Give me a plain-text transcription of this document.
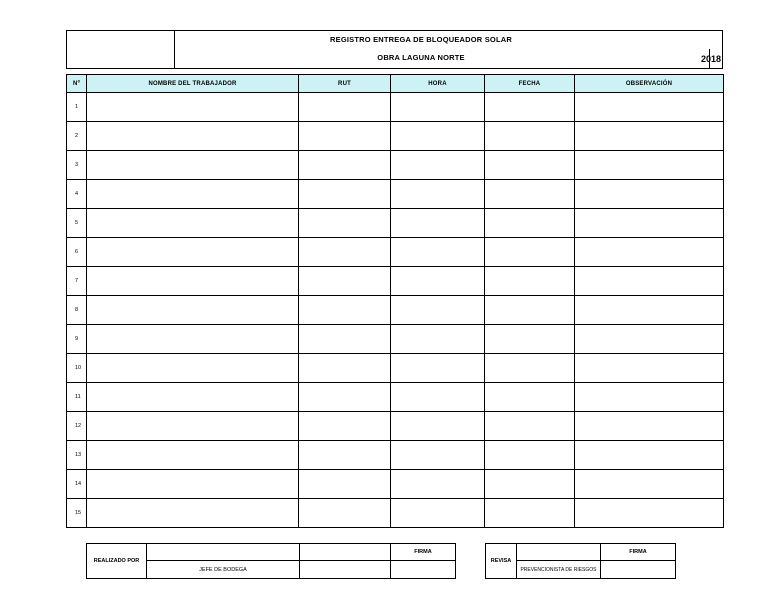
REGISTRO ENTREGA DE BLOQUEADOR SOLAR
OBRA LAGUNA NORTE	2018
Nº	NOMBRE DEL TRABAJADOR	RUT	HORA	FECHA	OBSERVACIÓN
1					
2					
3					
4					
5					
6					
7					
8					
9					
10					
11					
12					
13					
14					
15					
REALIZADO POR			FIRMA
	JEFE DE BODEGA		
REVISA		FIRMA
	PREVENCIONISTA DE RIESGOS	
